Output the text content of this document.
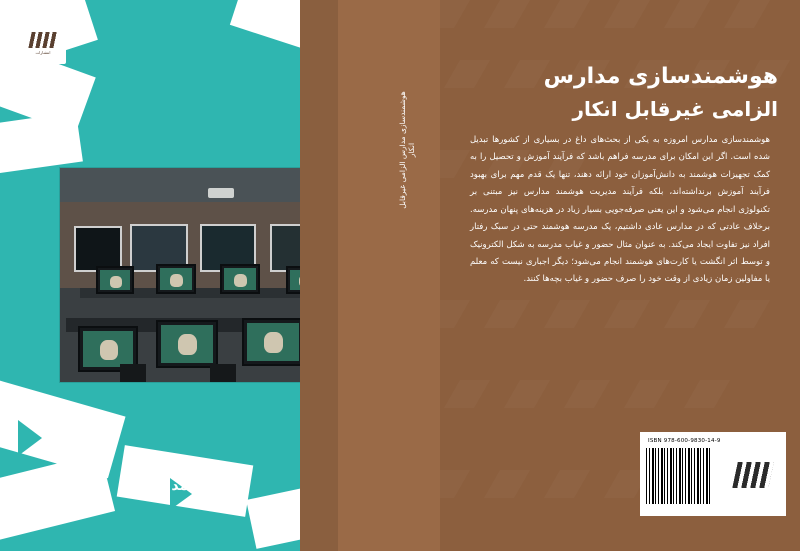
هوشمندسازی مدارس الزامی غیرقابل انکار
هوشمندسازی مدارس
الزامی غیرقابل انکار
هوشمندسازی مدارس امروزه به یکی از بحث‌های داغ در بسیاری از کشورها تبدیل شده است. اگر این امکان برای مدرسه فراهم باشد که فرآیند آموزش و تحصیل را به کمک تجهیزات هوشمند به دانش‌آموزان خود ارائه دهند، تنها یک قدم مهم برای بهبود فرآیند آموزش برنداشته‌اند، بلکه فرآیند مدیریت هوشمند مدارس نیز مبتنی بر تکنولوژی انجام می‌شود و این یعنی صرفه‌جویی بسیار زیاد در هزینه‌های پنهان مدرسه. برخلاف عادتی که در مدارس عادی داشتیم، یک مدرسه هوشمند حتی در سبک رفتار افراد نیز تفاوت ایجاد می‌کند. به عنوان مثال حضور و غیاب مدرسه به شکل الکترونیک و توسط اثر انگشت یا کارت‌های هوشمند انجام می‌شود؛ دیگر اجباری نیست که معلم یا مفاولین زمان زیادی از وقت خود را صرف حضور و غیاب بچه‌ها کنند.
تالیف
دکتر محمد مردانی
انتشارات
ISBN 978-600-9830-14-9
